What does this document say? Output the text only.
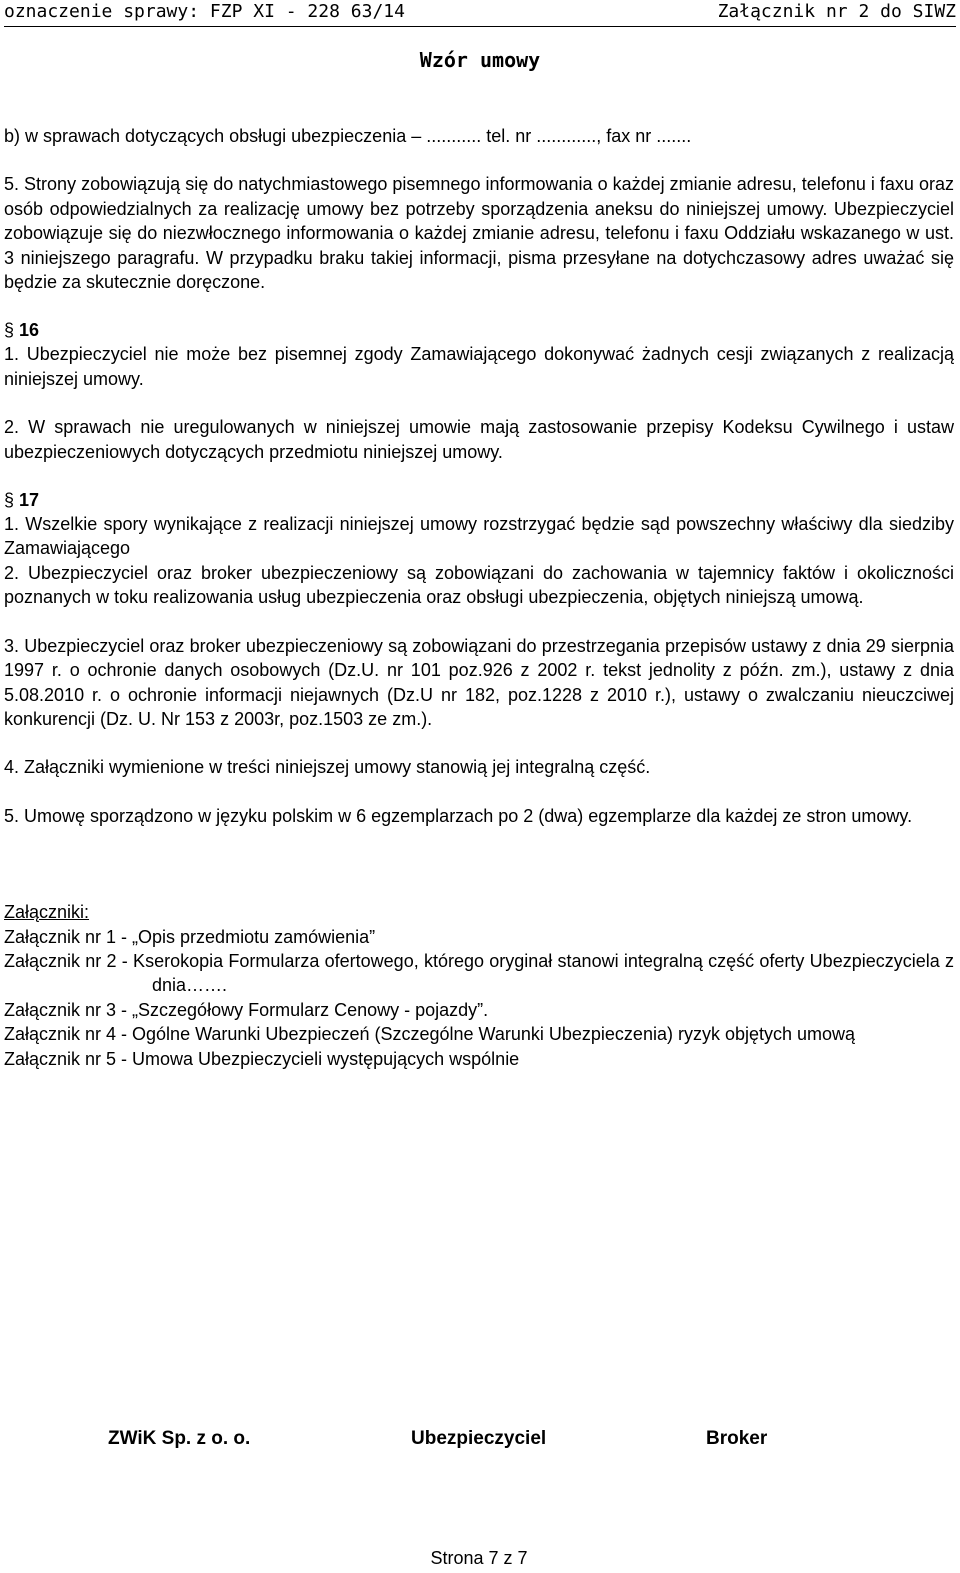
oznaczenie sprawy: FZP XI - 228 63/14	Załącznik nr 2 do SIWZ
Wzór umowy

b) w sprawach dotyczących obsługi ubezpieczenia – ........... tel. nr ............, fax nr .......

5. Strony zobowiązują się do natychmiastowego pisemnego informowania o każdej zmianie adresu, telefonu i faxu oraz osób odpowiedzialnych za realizację umowy bez potrzeby sporządzenia aneksu do niniejszej umowy. Ubezpieczyciel zobowiązuje się do niezwłocznego informowania o każdej zmianie adresu, telefonu i faxu Oddziału wskazanego w ust. 3 niniejszego paragrafu. W przypadku braku takiej informacji, pisma przesyłane na dotychczasowy adres uważać się będzie za skutecznie doręczone.

§ 16

1. Ubezpieczyciel nie może bez pisemnej zgody Zamawiającego dokonywać żadnych cesji związanych z realizacją niniejszej umowy.

2. W sprawach nie uregulowanych w niniejszej umowie mają zastosowanie przepisy Kodeksu Cywilnego i ustaw ubezpieczeniowych dotyczących przedmiotu niniejszej umowy.

§ 17

1. Wszelkie spory wynikające z realizacji niniejszej umowy rozstrzygać będzie sąd powszechny właściwy dla siedziby Zamawiającego

2. Ubezpieczyciel oraz broker ubezpieczeniowy są zobowiązani do zachowania w tajemnicy faktów i okoliczności poznanych w toku realizowania usług ubezpieczenia oraz obsługi ubezpieczenia, objętych niniejszą umową.

3. Ubezpieczyciel oraz broker ubezpieczeniowy są zobowiązani do przestrzegania przepisów ustawy z dnia 29 sierpnia 1997 r. o ochronie danych osobowych (Dz.U. nr 101 poz.926 z 2002 r. tekst jednolity z późn. zm.), ustawy z dnia 5.08.2010 r. o ochronie informacji niejawnych (Dz.U nr 182, poz.1228 z 2010 r.), ustawy o zwalczaniu nieuczciwej konkurencji (Dz. U. Nr 153 z 2003r, poz.1503 ze zm.).

4. Załączniki wymienione w treści niniejszej umowy stanowią jej integralną część.

5. Umowę sporządzono w języku polskim w 6 egzemplarzach po 2 (dwa) egzemplarze dla każdej ze stron umowy.

Załączniki:

Załącznik nr 1 - „Opis przedmiotu zamówienia”

Załącznik nr 2 - Kserokopia Formularza ofertowego, którego oryginał stanowi integralną część oferty Ubezpieczyciela z dnia…….

Załącznik nr 3 - „Szczegółowy Formularz Cenowy - pojazdy”.

Załącznik nr 4 - Ogólne Warunki Ubezpieczeń (Szczególne Warunki Ubezpieczenia) ryzyk objętych umową

Załącznik nr 5 - Umowa Ubezpieczycieli występujących wspólnie

ZWiK Sp. z o. o.	Ubezpieczyciel	Broker
Strona 7 z 7
